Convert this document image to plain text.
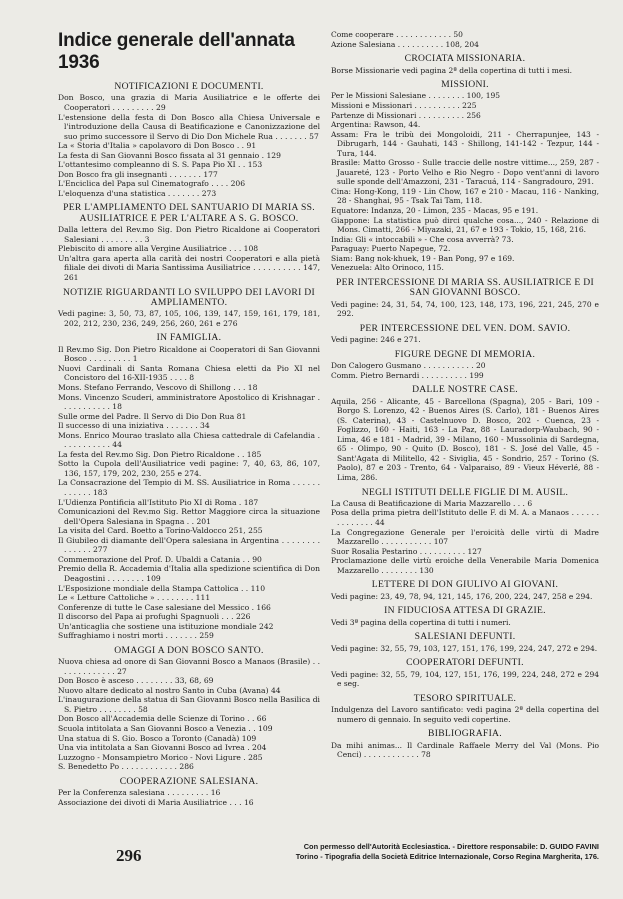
Indice generale dell'annata 1936
NOTIFICAZIONI E DOCUMENTI.

Don Bosco, una grazia di Maria Ausiliatrice e le offerte dei Cooperatori . . . . . . . . . 29

L'estensione della festa di Don Bosco alla Chiesa Universale e l'introduzione della Causa di Beatificazione e Canonizzazione del suo primo successore il Servo di Dio Don Michele Rua . . . . . . . 57

La « Storia d'Italia » capolavoro di Don Bosco . . 91

La festa di San Giovanni Bosco fissata al 31 gennaio . 129

L'ottantesimo compleanno di S. S. Papa Pio XI . . 153

Don Bosco fra gli insegnanti . . . . . . . 177

L'Enciclica del Papa sul Cinematografo . . . . 206

L'eloquenza d'una statistica . . . . . . . 273

PER L'AMPLIAMENTO DEL SANTUARIO DI MARIA SS. AUSILIATRICE E PER L'ALTARE A S. G. BOSCO.

Dalla lettera del Rev.mo Sig. Don Pietro Ricaldone ai Cooperatori Salesiani . . . . . . . . . 3

Plebiscito di amore alla Vergine Ausiliatrice . . . 108

Un'altra gara aperta alla carità dei nostri Cooperatori e alla pietà filiale dei divoti di Maria Santissima Ausiliatrice . . . . . . . . . . 147, 261

NOTIZIE RIGUARDANTI LO SVILUPPO DEI LAVORI DI AMPLIAMENTO.

Vedi pagine: 3, 50, 73, 87, 105, 106, 139, 147, 159, 161, 179, 181, 202, 212, 230, 236, 249, 256, 260, 261 e 276

IN FAMIGLIA.

Il Rev.mo Sig. Don Pietro Ricaldone ai Cooperatori di San Giovanni Bosco . . . . . . . . . 1

Nuovi Cardinali di Santa Romana Chiesa eletti da Pio XI nel Concistoro del 16-XII-1935 . . . . 8

Mons. Stefano Ferrando, Vescovo di Shillong . . . 18

Mons. Vincenzo Scuderi, amministratore Apostolico di Krishnagar . . . . . . . . . . . 18

Sulle orme del Padre. Il Servo di Dio Don Rua 81

Il successo di una iniziativa . . . . . . . 34

Mons. Enrico Mourao traslato alla Chiesa cattedrale di Cafelandia . . . . . . . . . . . 44

La festa del Rev.mo Sig. Don Pietro Ricaldone . . 185

Sotto la Cupola dell'Ausiliatrice vedi pagine: 7, 40, 63, 86, 107, 136, 157, 179, 202, 230, 255 e 274.

La Consacrazione del Tempio di M. SS. Ausiliatrice in Roma . . . . . . . . . . . . 183

L'Udienza Pontificia all'Istituto Pio XI di Roma . 187

Comunicazioni del Rev.mo Sig. Rettor Maggiore circa la situazione dell'Opera Salesiana in Spagna . . 201

La visita del Card. Boetto a Torino-Valdocco 251, 255

Il Giubileo di diamante dell'Opera salesiana in Argentina . . . . . . . . . . . . . . 277

Commemorazione del Prof. D. Ubaldi a Catania . . 90

Premio della R. Accademia d'Italia alla spedizione scientifica di Don Deagostini . . . . . . . . 109

L'Esposizione mondiale della Stampa Cattolica . . 110

Le « Letture Cattoliche » . . . . . . . . 111

Conferenze di tutte le Case salesiane del Messico . 166

Il discorso del Papa ai profughi Spagnuoli . . . 226

Un'anticaglia che sostiene una istituzione mondiale 242

Suffraghiamo i nostri morti . . . . . . . 259

OMAGGI A DON BOSCO SANTO.

Nuova chiesa ad onore di San Giovanni Bosco a Manaos (Brasile) . . . . . . . . . . . . . 27

Don Bosco è asceso . . . . . . . . 33, 68, 69

Nuovo altare dedicato al nostro Santo in Cuba (Avana) 44

L'inaugurazione della statua di San Giovanni Bosco nella Basilica di S. Pietro . . . . . . . . 58

Don Bosco all'Accademia delle Scienze di Torino . . 66

Scuola intitolata a San Giovanni Bosco a Venezia . . 109

Una statua di S. Gio. Bosco a Toronto (Canadà) 109

Una via intitolata a San Giovanni Bosco ad Ivrea . 204

Luzzogno - Monsampietro Morico - Novi Ligure . 285

S. Benedetto Po . . . . . . . . . . . . 286

COOPERAZIONE SALESIANA.

Per la Conferenza salesiana . . . . . . . . . 16

Associazione dei divoti di Maria Ausiliatrice . . . 16

Come cooperare . . . . . . . . . . . . 50

Azione Salesiana . . . . . . . . . . 108, 204

CROCIATA MISSIONARIA.

Borse Missionarie vedi pagina 2ª della copertina di tutti i mesi.

MISSIONI.

Per le Missioni Salesiane . . . . . . . . 100, 195

Missioni e Missionari . . . . . . . . . . 225

Partenze di Missionari . . . . . . . . . . 256

Argentina: Rawson, 44.

Assam: Fra le tribù dei Mongoloidi, 211 - Cherrapunjee, 143 - Dibrugarh, 144 - Gauhati, 143 - Shillong, 141-142 - Tezpur, 144 - Tura, 144.

Brasile: Matto Grosso - Sulle traccie delle nostre vittime..., 259, 287 - Jauareté, 123 - Porto Velho e Rio Negro - Dopo vent'anni di lavoro sulle sponde dell'Amazzoni, 231 - Taracuá, 114 - Sangradouro, 291.

Cina: Hong-Kong, 119 - Lin Chow, 167 e 210 - Macau, 116 - Nanking, 28 - Shanghai, 95 - Tsak Tai Tam, 118.

Equatore: Indanza, 20 - Limon, 235 - Macas, 95 e 191.

Giappone: La statistica può dirci qualche cosa..., 240 - Relazione di Mons. Cimatti, 266 - Miyazaki, 21, 67 e 193 - Tokio, 15, 168, 216.

India: Gli « intoccabili » - Che cosa avverrà? 73.

Paraguay: Puerto Napegue, 72.

Siam: Bang nok-khuek, 19 - Ban Pong, 97 e 169.

Venezuela: Alto Orinoco, 115.

PER INTERCESSIONE DI MARIA SS. AUSILIATRICE E DI SAN GIOVANNI BOSCO.

Vedi pagine: 24, 31, 54, 74, 100, 123, 148, 173, 196, 221, 245, 270 e 292.

PER INTERCESSIONE DEL VEN. DOM. SAVIO.

Vedi pagine: 246 e 271.

FIGURE DEGNE DI MEMORIA.

Don Calogero Gusmano . . . . . . . . . . . 20

Comm. Pietro Bernardi . . . . . . . . . . 199

DALLE NOSTRE CASE.

Aquila, 256 - Alicante, 45 - Barcellona (Spagna), 205 - Bari, 109 - Borgo S. Lorenzo, 42 - Buenos Aires (S. Carlo), 181 - Buenos Aires (S. Caterina), 43 - Castelnuovo D. Bosco, 202 - Cuenca, 23 - Foglizzo, 160 - Haiti, 163 - La Paz, 88 - Lauradorp-Waubach, 90 - Lima, 46 e 181 - Madrid, 39 - Milano, 160 - Mussolinia di Sardegna, 65 - Olimpo, 90 - Quito (D. Bosco), 181 - S. José del Valle, 45 - Sant'Agata di Militello, 42 - Siviglia, 45 - Sondrio, 257 - Torino (S. Paolo), 87 e 203 - Trento, 64 - Valparaiso, 89 - Vieux Héverlé, 88 - Lima, 286.

NEGLI ISTITUTI DELLE FIGLIE DI M. AUSIL.

La Causa di Beatificazione di Maria Mazzarello . . . 6

Posa della prima pietra dell'Istituto delle F. di M. A. a Manaos . . . . . . . . . . . . . . 44

La Congregazione Generale per l'eroicità delle virtù di Madre Mazzarello . . . . . . . . . . . 107

Suor Rosalia Pestarino . . . . . . . . . . 127

Proclamazione delle virtù eroiche della Venerabile Maria Domenica Mazzarello . . . . . . . . 130

LETTERE DI DON GIULIVO AI GIOVANI.

Vedi pagine: 23, 49, 78, 94, 121, 145, 176, 200, 224, 247, 258 e 294.

IN FIDUCIOSA ATTESA DI GRAZIE.

Vedi 3ª pagina della copertina di tutti i numeri.

SALESIANI DEFUNTI.

Vedi pagine: 32, 55, 79, 103, 127, 151, 176, 199, 224, 247, 272 e 294.

COOPERATORI DEFUNTI.

Vedi pagine: 32, 55, 79, 104, 127, 151, 176, 199, 224, 248, 272 e 294 e seg.

TESORO SPIRITUALE.

Indulgenza del Lavoro santificato: vedi pagina 2ª della copertina del numero di gennaio. In seguito vedi copertine.

BIBLIOGRAFIA.

Da mihi animas... Il Cardinale Raffaele Merry del Val (Mons. Pio Cenci) . . . . . . . . . . . . 78

296	Con permesso dell'Autorità Ecclesiastica. - Direttore responsabile: D. GUIDO FAVINI
Torino - Tipografia della Società Editrice Internazionale, Corso Regina Margherita, 176.
